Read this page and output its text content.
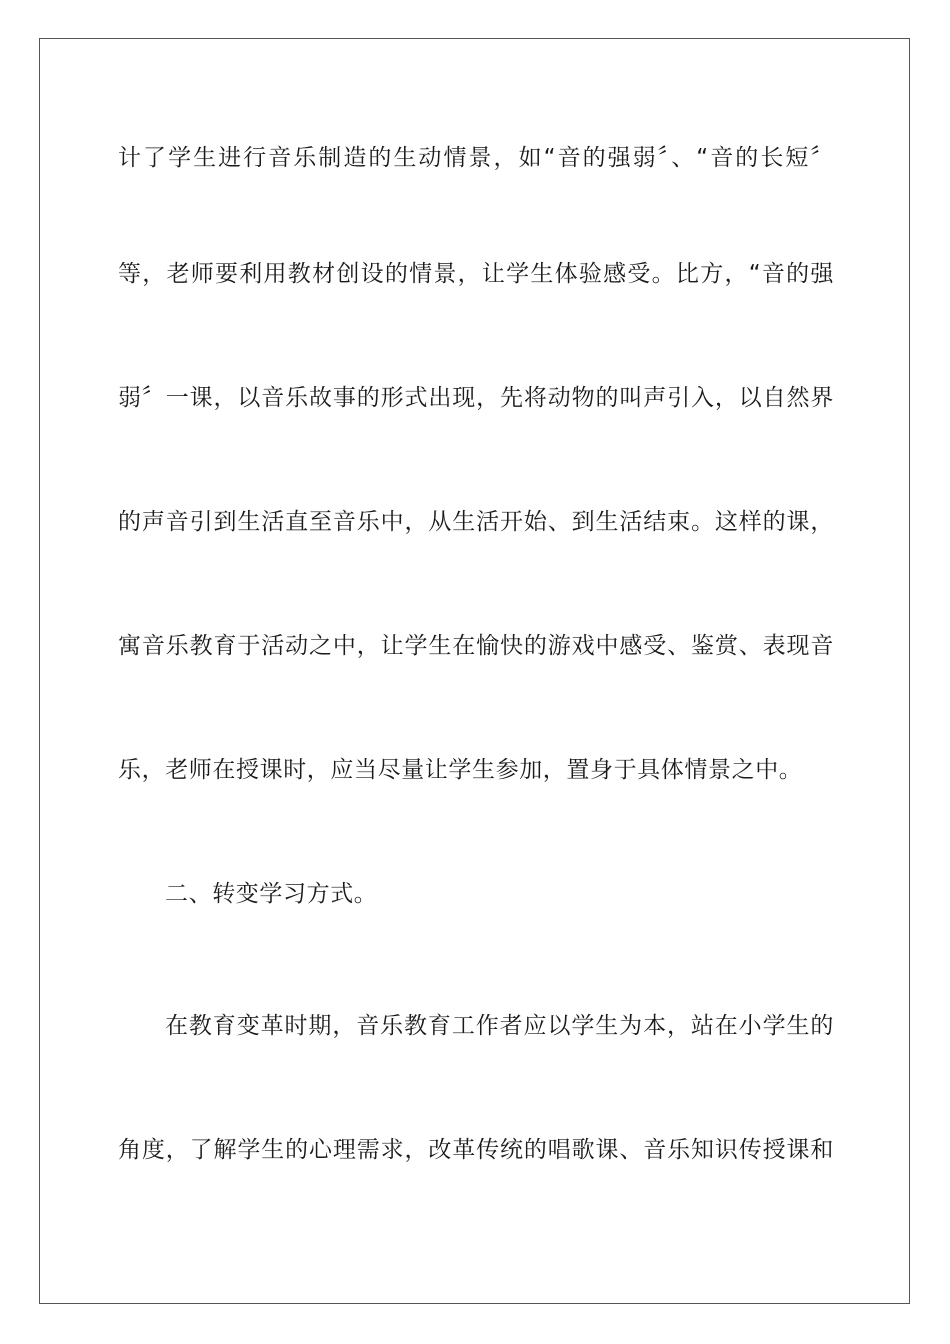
计了学生进行音乐制造的生动情景，如“音的强弱〞、“音的长短〞
等，老师要利用教材创设的情景，让学生体验感受。比方，“音的强
弱〞一课，以音乐故事的形式出现，先将动物的叫声引入，以自然界
的声音引到生活直至音乐中，从生活开始、到生活结束。这样的课，
寓音乐教育于活动之中，让学生在愉快的游戏中感受、鉴赏、表现音
乐，老师在授课时，应当尽量让学生参加，置身于具体情景之中。
二、转变学习方式。
在教育变革时期，音乐教育工作者应以学生为本，站在小学生的
角度，了解学生的心理需求，改革传统的唱歌课、音乐知识传授课和
